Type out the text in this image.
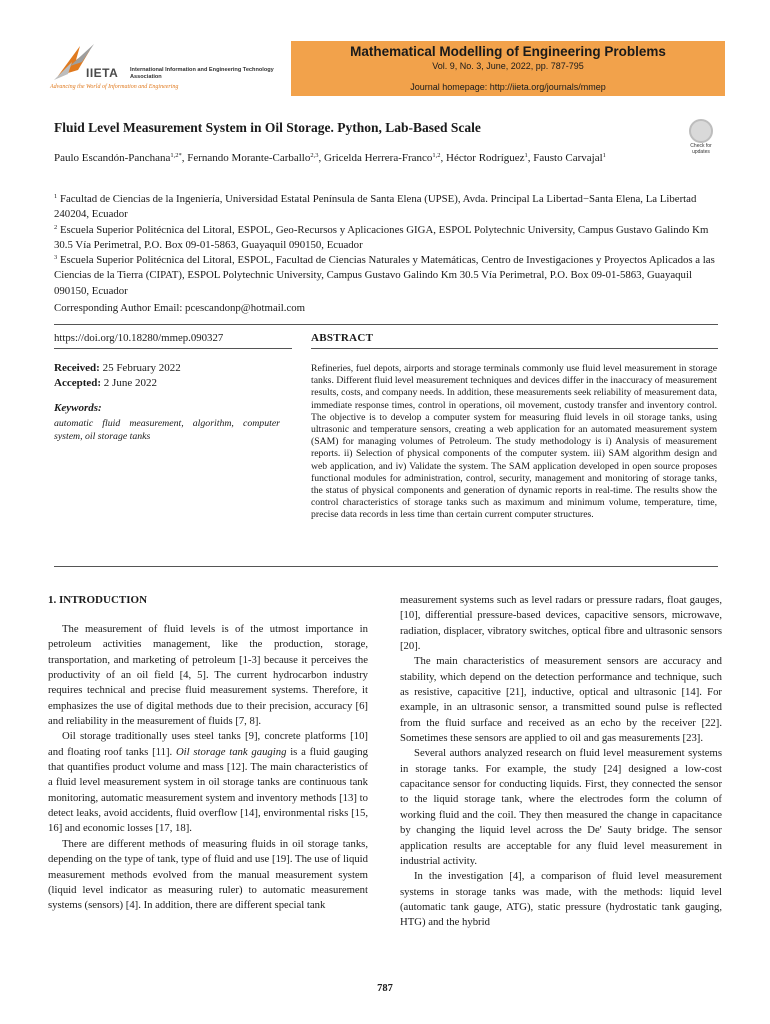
IIETA International Information and Engineering Technology Association
Advancing the World of Information and Engineering
Mathematical Modelling of Engineering Problems
Vol. 9, No. 3, June, 2022, pp. 787-795
Journal homepage: http://iieta.org/journals/mmep
Fluid Level Measurement System in Oil Storage. Python, Lab-Based Scale
Check for updates
Paulo Escandón-Panchana$^{1,2*}$, Fernando Morante-Carballo$^{2,3}$, Gricelda Herrera-Franco$^{1,2}$, Héctor Rodríguez$^1$, Fausto Carvajal$^1$

$^1$ Facultad de Ciencias de la Ingeniería, Universidad Estatal Península de Santa Elena (UPSE), Avda. Principal La Libertad−Santa Elena, La Libertad 240204, Ecuador

$^2$ Escuela Superior Politécnica del Litoral, ESPOL, Geo-Recursos y Aplicaciones GIGA, ESPOL Polytechnic University, Campus Gustavo Galindo Km 30.5 Vía Perimetral, P.O. Box 09-01-5863, Guayaquil 090150, Ecuador

$^3$ Escuela Superior Politécnica del Litoral, ESPOL, Facultad de Ciencias Naturales y Matemáticas, Centro de Investigaciones y Proyectos Aplicados a las Ciencias de la Tierra (CIPAT), ESPOL Polytechnic University, Campus Gustavo Galindo Km 30.5 Vía Perimetral, P.O. Box 09-01-5863, Guayaquil 090150, Ecuador

Corresponding Author Email: pcescandonp@hotmail.com
https://doi.org/10.18280/mmep.090327	ABSTRACT
Received: 25 February 2022
Accepted: 2 June 2022
Keywords:
automatic fluid measurement, algorithm, computer system, oil storage tanks
Refineries, fuel depots, airports and storage terminals commonly use fluid level measurement in storage tanks. Different fluid level measurement techniques and devices differ in the inaccuracy of measurement results, costs, and company needs. In addition, these measurements seek reliability of measurement data, immediate response times, control in operations, oil movement, custody transfer and inventory control. The objective is to develop a computer system for measuring fluid levels in oil storage tanks, using ultrasonic and temperature sensors, creating a web application for an automated measurement system (SAM) for managing volumes of Petroleum. The study methodology is i) Analysis of measurement reports. ii) Selection of physical components of the computer system. iii) SAM algorithm design and web application, and iv) Validate the system. The SAM application developed in open source proposes functional modules for administration, control, security, management and monitoring of storage tanks, the status of physical components and generation of dynamic reports in real-time. The results show the control characteristics of storage tanks such as maximum and minimum volume, temperature, time, precise data records in less time than certain current computer structures.
1. INTRODUCTION

The measurement of fluid levels is of the utmost importance in petroleum activities management, like the production, storage, transportation, and marketing of petroleum [1-3] because it perceives the productivity of an oil field [4, 5]. The current hydrocarbon industry requires technical and precise fluid measurement systems. Therefore, it emphasizes the use of digital methods due to their precision, accuracy [6] and reliability in the measurement of fluids [7, 8].

Oil storage traditionally uses steel tanks [9], concrete platforms [10] and floating roof tanks [11]. Oil storage tank gauging is a fluid gauging that quantifies product volume and mass [12]. The main characteristics of a fluid level measurement system in oil storage tanks are continuous tank monitoring, automatic measurement system and inventory methods [13] to detect leaks, avoid accidents, fluid overflow [14], environmental risks [15, 16] and economic losses [17, 18].

There are different methods of measuring fluids in oil storage tanks, depending on the type of tank, type of fluid and use [19]. The use of liquid measurement methods evolved from the manual measurement system (liquid level indicator as measuring ruler) to automatic measurement systems (sensors) [4]. In addition, there are different special tank

measurement systems such as level radars or pressure radars, float gauges, [10], differential pressure-based devices, capacitive sensors, microwave, radiation, displacer, vibratory switches, optical fibre and ultrasonic sensors [20].

The main characteristics of measurement sensors are accuracy and stability, which depend on the detection performance and technique, such as resistive, capacitive [21], inductive, optical and ultrasonic [14]. For example, in an ultrasonic sensor, a transmitted sound pulse is reflected from the fluid surface and received as an echo by the receiver [22]. Sometimes these sensors are applied to oil and gas measurements [23].

Several authors analyzed research on fluid level measurement systems in storage tanks. For example, the study [24] designed a low-cost capacitance sensor for conducting liquids. First, they connected the sensor to the liquid storage tank, where the electrodes form the column of working fluid and the coil. They then measured the change in capacitance by changing the liquid level across the De' Sauty bridge. The sensor application results are acceptable for any fluid level measurement in industrial activity.

In the investigation [4], a comparison of fluid level measurement systems in storage tanks was made, with the methods: liquid level (automatic tank gauge, ATG), static pressure (hydrostatic tank gauging, HTG) and the hybrid

787
